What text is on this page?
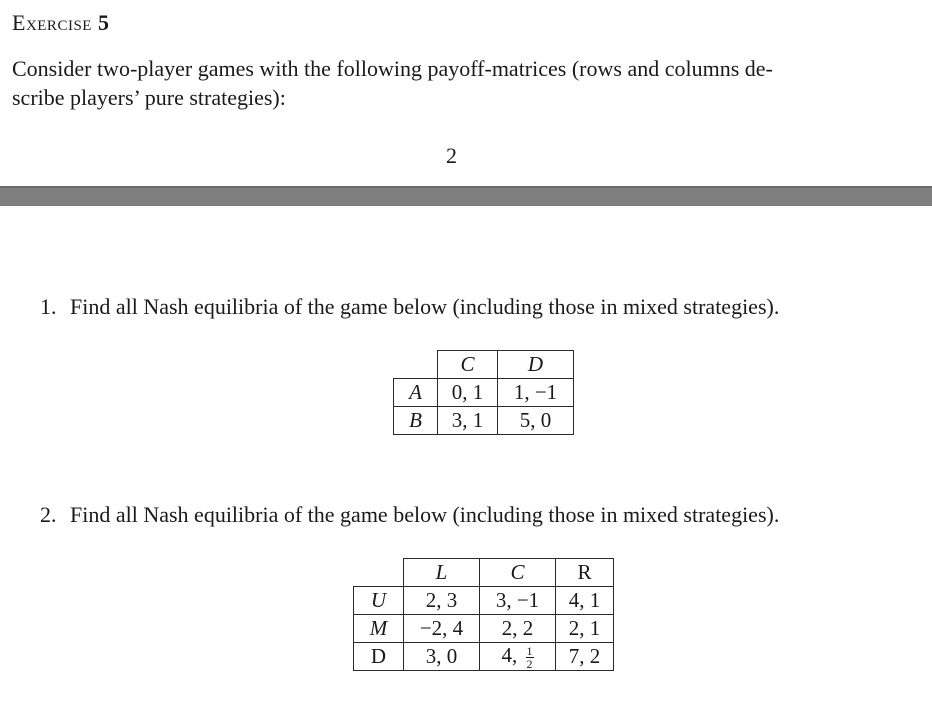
Exercise 5
Consider two-player games with the following payoff-matrices (rows and columns de-
scribe players’ pure strategies):
2
1. Find all Nash equilibria of the game below (including those in mixed strategies).
	C	D
A	0, 1	1, −1
B	3, 1	5, 0
2. Find all Nash equilibria of the game below (including those in mixed strategies).
	L	C	R
U	2, 3	3, −1	4, 1
M	−2, 4	2, 2	2, 1
D	3, 0	4, $\frac{1}{2}$	7, 2
